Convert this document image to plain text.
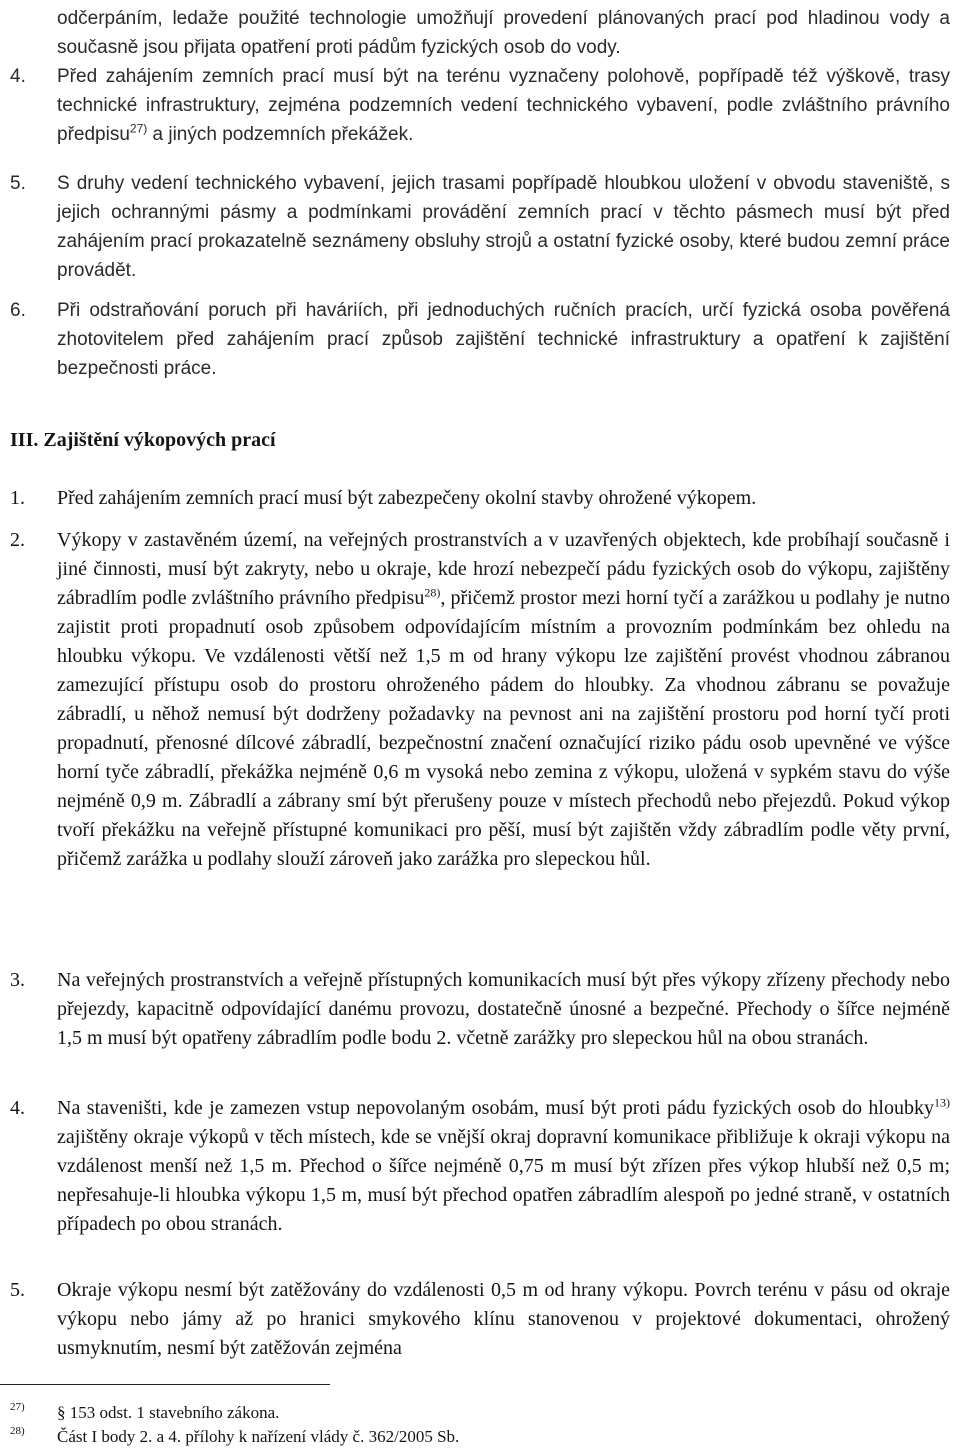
odčerpáním, ledaže použité technologie umožňují provedení plánovaných prací pod hladinou vody a současně jsou přijata opatření proti pádům fyzických osob do vody.
4.	Před zahájením zemních prací musí být na terénu vyznačeny polohově, popřípadě též výškově, trasy technické infrastruktury, zejména podzemních vedení technického vybavení, podle zvláštního právního předpisu$^{27)}$ a jiných podzemních překážek.
5.	S druhy vedení technického vybavení, jejich trasami popřípadě hloubkou uložení v obvodu staveniště, s jejich ochrannými pásmy a podmínkami provádění zemních prací v těchto pásmech musí být před zahájením prací prokazatelně seznámeny obsluhy strojů a ostatní fyzické osoby, které budou zemní práce provádět.
6.	Při odstraňování poruch při haváriích, při jednoduchých ručních pracích, určí fyzická osoba pověřená zhotovitelem před zahájením prací způsob zajištění technické infrastruktury a opatření k zajištění bezpečnosti práce.
III. Zajištění výkopových prací
1.	Před zahájením zemních prací musí být zabezpečeny okolní stavby ohrožené výkopem.
2.	Výkopy v zastavěném území, na veřejných prostranstvích a v uzavřených objektech, kde probíhají současně i jiné činnosti, musí být zakryty, nebo u okraje, kde hrozí nebezpečí pádu fyzických osob do výkopu, zajištěny zábradlím podle zvláštního právního předpisu$^{28)}$, přičemž prostor mezi horní tyčí a zarážkou u podlahy je nutno zajistit proti propadnutí osob způsobem odpovídajícím místním a provozním podmínkám bez ohledu na hloubku výkopu. Ve vzdálenosti větší než 1,5 m od hrany výkopu lze zajištění provést vhodnou zábranou zamezující přístupu osob do prostoru ohroženého pádem do hloubky. Za vhodnou zábranu se považuje zábradlí, u něhož nemusí být dodrženy požadavky na pevnost ani na zajištění prostoru pod horní tyčí proti propadnutí, přenosné dílcové zábradlí, bezpečnostní značení označující riziko pádu osob upevněné ve výšce horní tyče zábradlí, překážka nejméně 0,6 m vysoká nebo zemina z výkopu, uložená v sypkém stavu do výše nejméně 0,9 m. Zábradlí a zábrany smí být přerušeny pouze v místech přechodů nebo přejezdů. Pokud výkop tvoří překážku na veřejně přístupné komunikaci pro pěší, musí být zajištěn vždy zábradlím podle věty první, přičemž zarážka u podlahy slouží zároveň jako zarážka pro slepeckou hůl.
3.	Na veřejných prostranstvích a veřejně přístupných komunikacích musí být přes výkopy zřízeny přechody nebo přejezdy, kapacitně odpovídající danému provozu, dostatečně únosné a bezpečné. Přechody o šířce nejméně 1,5 m musí být opatřeny zábradlím podle bodu 2. včetně zarážky pro slepeckou hůl na obou stranách.
4.	Na staveništi, kde je zamezen vstup nepovolaným osobám, musí být proti pádu fyzických osob do hloubky$^{13)}$ zajištěny okraje výkopů v těch místech, kde se vnější okraj dopravní komunikace přibližuje k okraji výkopu na vzdálenost menší než 1,5 m. Přechod o šířce nejméně 0,75 m musí být zřízen přes výkop hlubší než 0,5 m; nepřesahuje-li hloubka výkopu 1,5 m, musí být přechod opatřen zábradlím alespoň po jedné straně, v ostatních případech po obou stranách.
5.	Okraje výkopu nesmí být zatěžovány do vzdálenosti 0,5 m od hrany výkopu. Povrch terénu v pásu od okraje výkopu nebo jámy až po hranici smykového klínu stanovenou v projektové dokumentaci, ohrožený usmyknutím, nesmí být zatěžován zejména
27) § 153 odst. 1 stavebního zákona.
28) Část I body 2. a 4. přílohy k nařízení vlády č. 362/2005 Sb.
